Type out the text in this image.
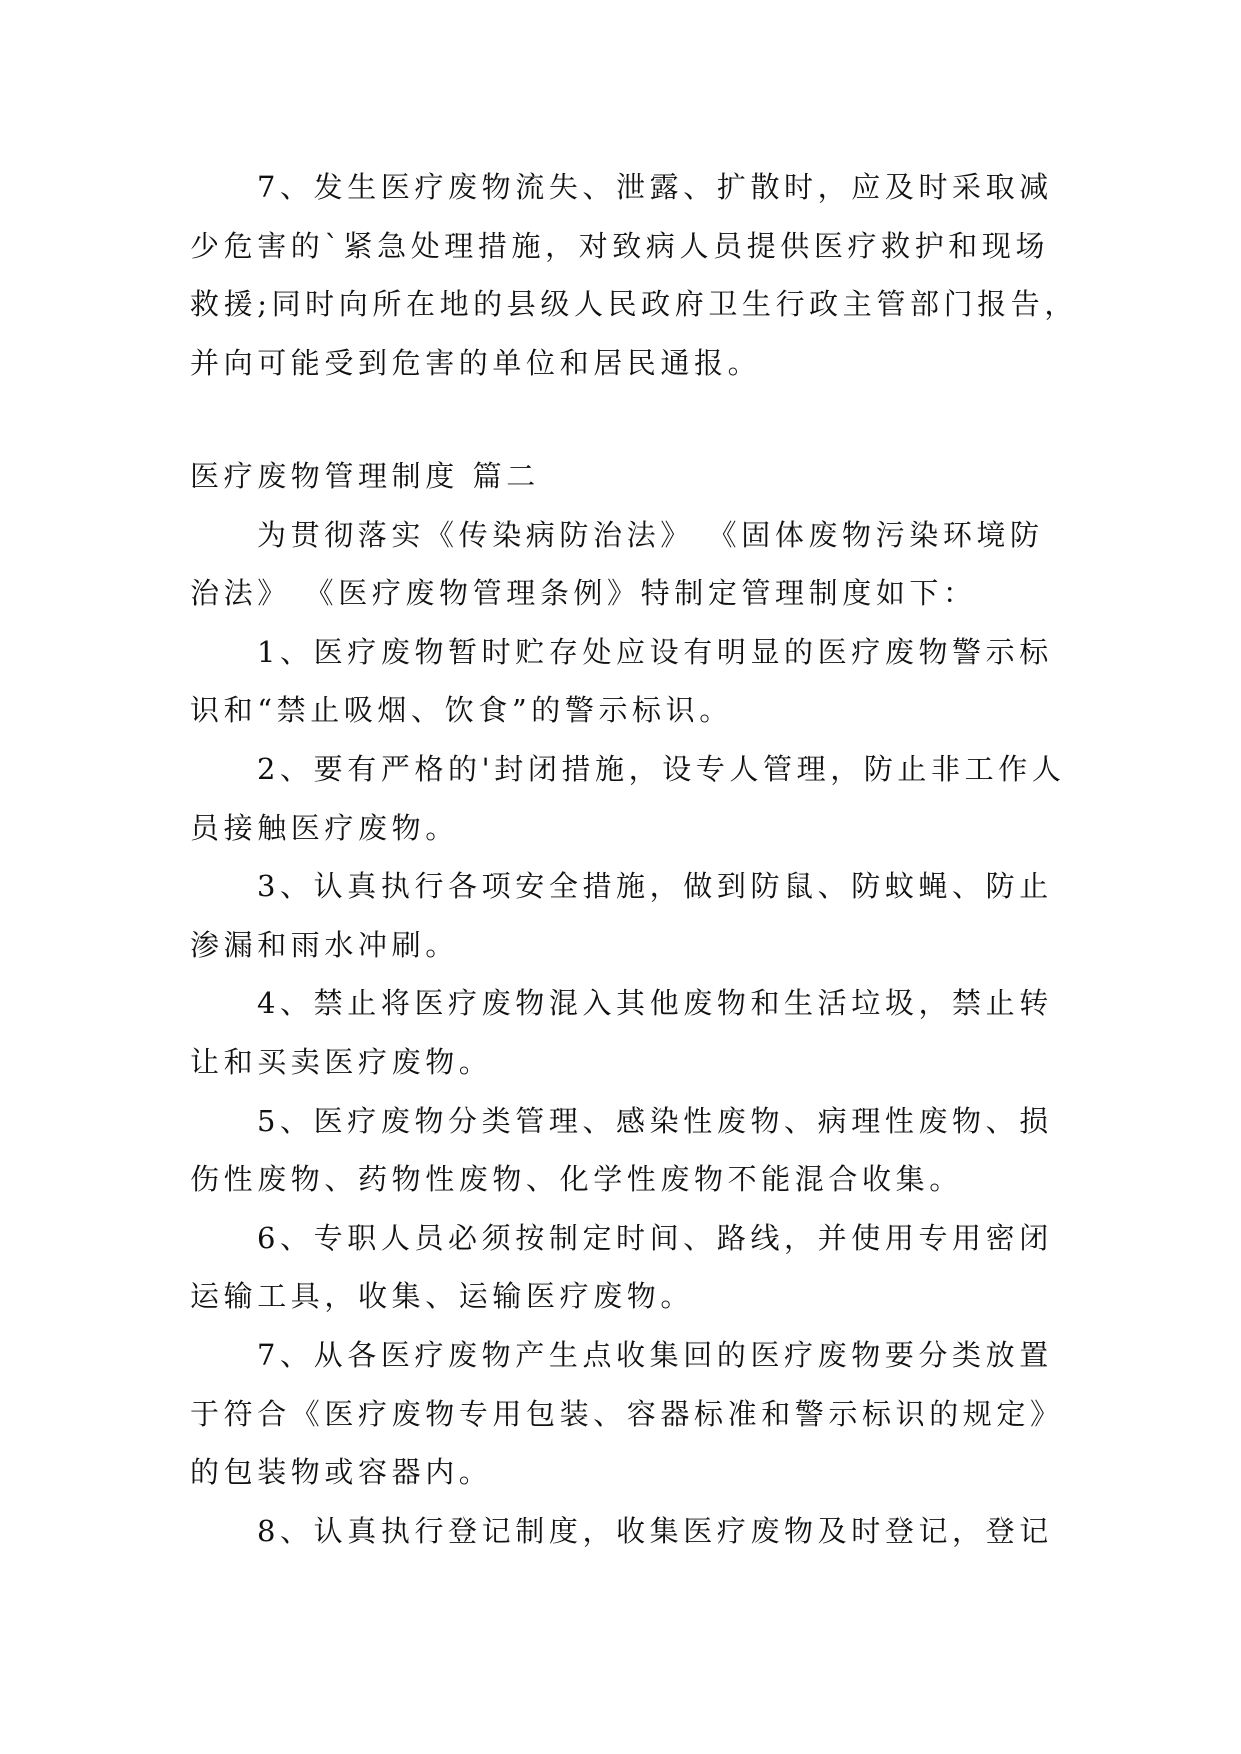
7、发生医疗废物流失、泄露、扩散时，应及时采取减
少危害的`紧急处理措施，对致病人员提供医疗救护和现场
救援;同时向所在地的县级人民政府卫生行政主管部门报告，
并向可能受到危害的单位和居民通报。
医疗废物管理制度 篇二
为贯彻落实《传染病防治法》 《固体废物污染环境防
治法》 《医疗废物管理条例》特制定管理制度如下：
1、医疗废物暂时贮存处应设有明显的医疗废物警示标
识和“禁止吸烟、饮食”的警示标识。
2、要有严格的'封闭措施，设专人管理，防止非工作人
员接触医疗废物。
3、认真执行各项安全措施，做到防鼠、防蚊蝇、防止
渗漏和雨水冲刷。
4、禁止将医疗废物混入其他废物和生活垃圾，禁止转
让和买卖医疗废物。
5、医疗废物分类管理、感染性废物、病理性废物、损
伤性废物、药物性废物、化学性废物不能混合收集。
6、专职人员必须按制定时间、路线，并使用专用密闭
运输工具，收集、运输医疗废物。
7、从各医疗废物产生点收集回的医疗废物要分类放置
于符合《医疗废物专用包装、容器标准和警示标识的规定》
的包装物或容器内。
8、认真执行登记制度，收集医疗废物及时登记，登记
